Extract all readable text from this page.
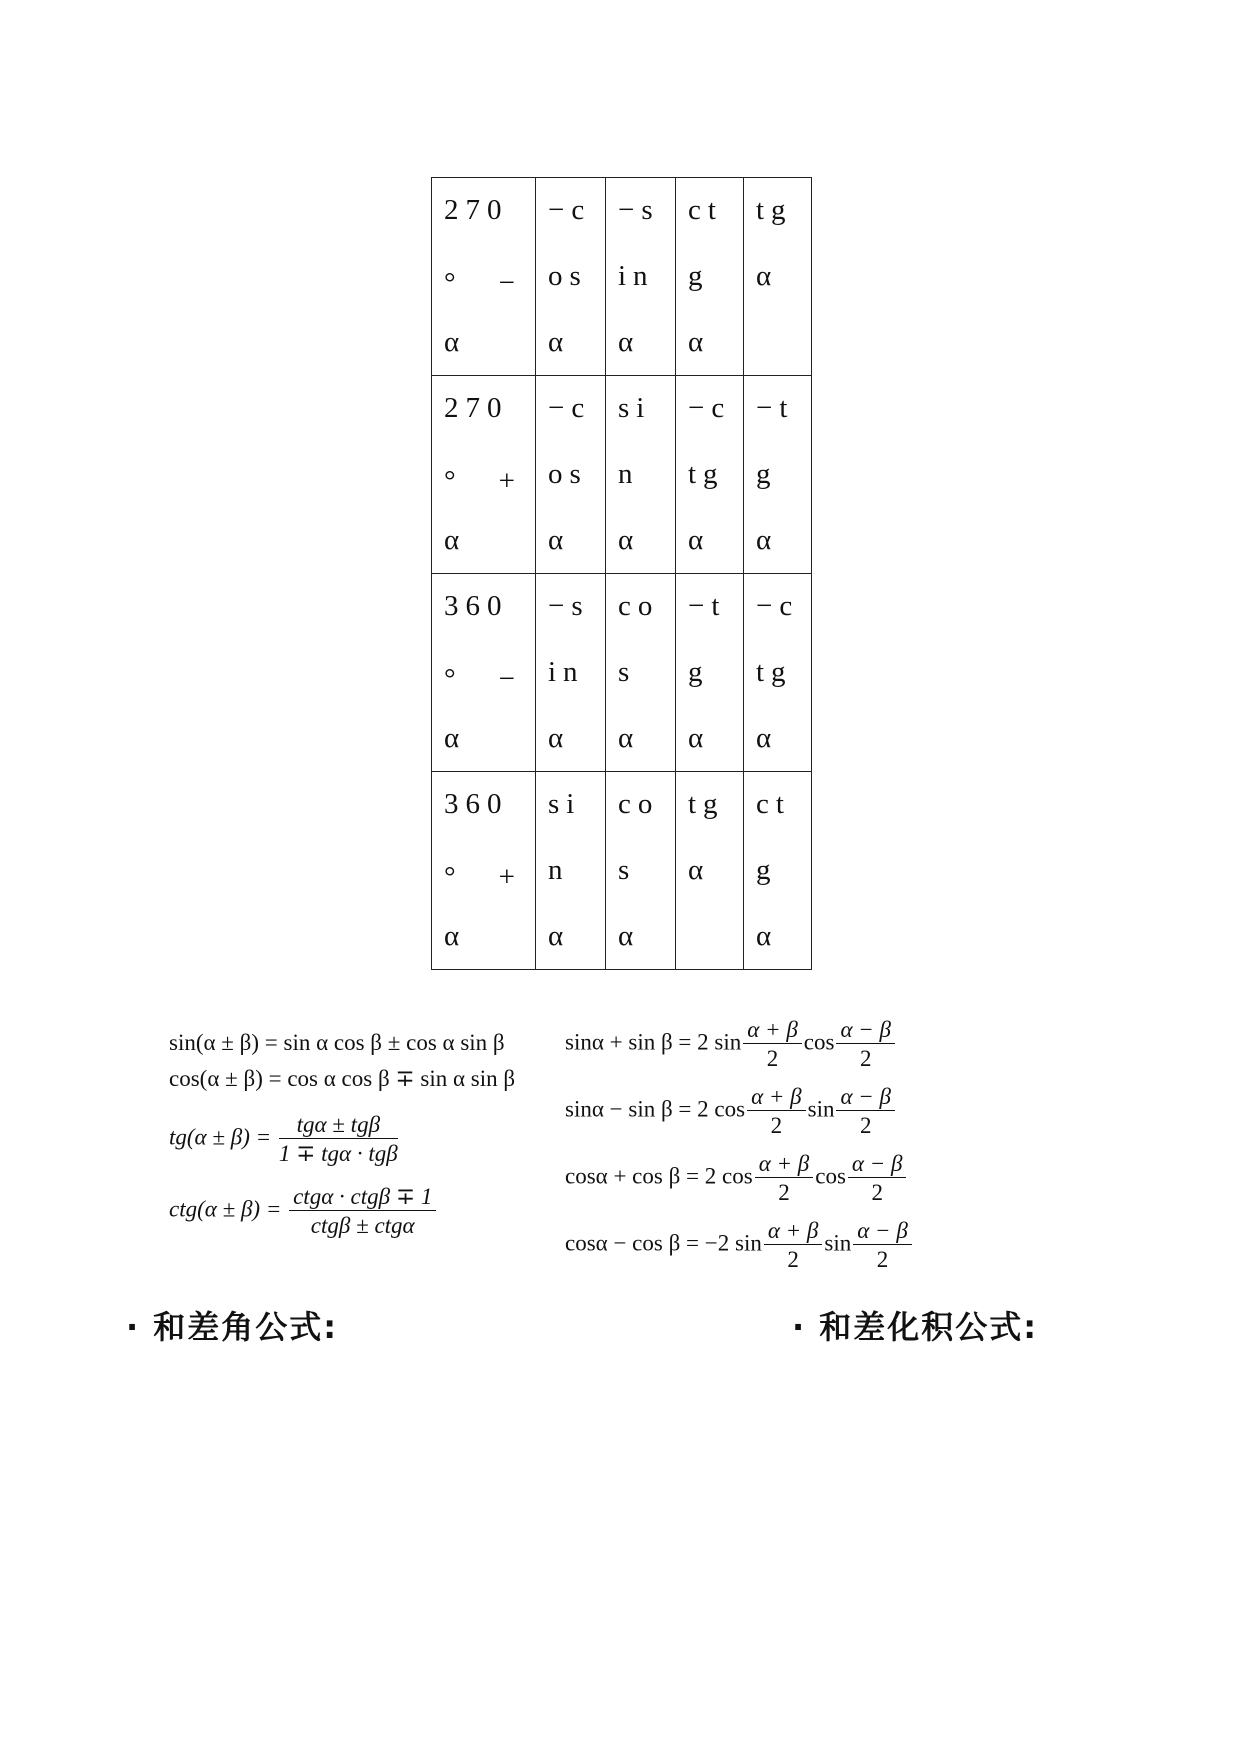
270
°　−
α	−c
os
α	−s
in
α	ct
g
α	tg
α

270
°　+
α	−c
os
α	si
n
α	−c
tg
α	−t
g
α

360
°　−
α	−s
in
α	co
s
α	−t
g
α	−c
tg
α

360
°　+
α	si
n
α	co
s
α	tg
α	ct
g
α
sin(α ± β) = sin α cos β ± cos α sin β
cos(α ± β) = cos α cos β ∓ sin α sin β
$tg(\alpha \pm \beta) = \frac{\text{tgα ± tgβ}}{\text{1 ∓ tgα · tgβ}}$
$ctg(\alpha \pm \beta) = \frac{\text{ctgα · ctgβ ∓ 1}}{\text{ctgβ ± ctgα}}$
sinα + sin β = 2 $\sin \frac{\alpha + \beta}{2}$ $\cos \frac{\alpha - \beta}{2}$
sinα − sin β = 2 $\cos \frac{\alpha + \beta}{2}$ $\sin \frac{\alpha - \beta}{2}$
cosα + cos β = 2 $\cos \frac{\alpha + \beta}{2}$ $\cos \frac{\alpha - \beta}{2}$
cosα − cos β = −2 $\sin \frac{\alpha + \beta}{2}$ $\sin \frac{\alpha - \beta}{2}$
· 和差角公式:	· 和差化积公式:
